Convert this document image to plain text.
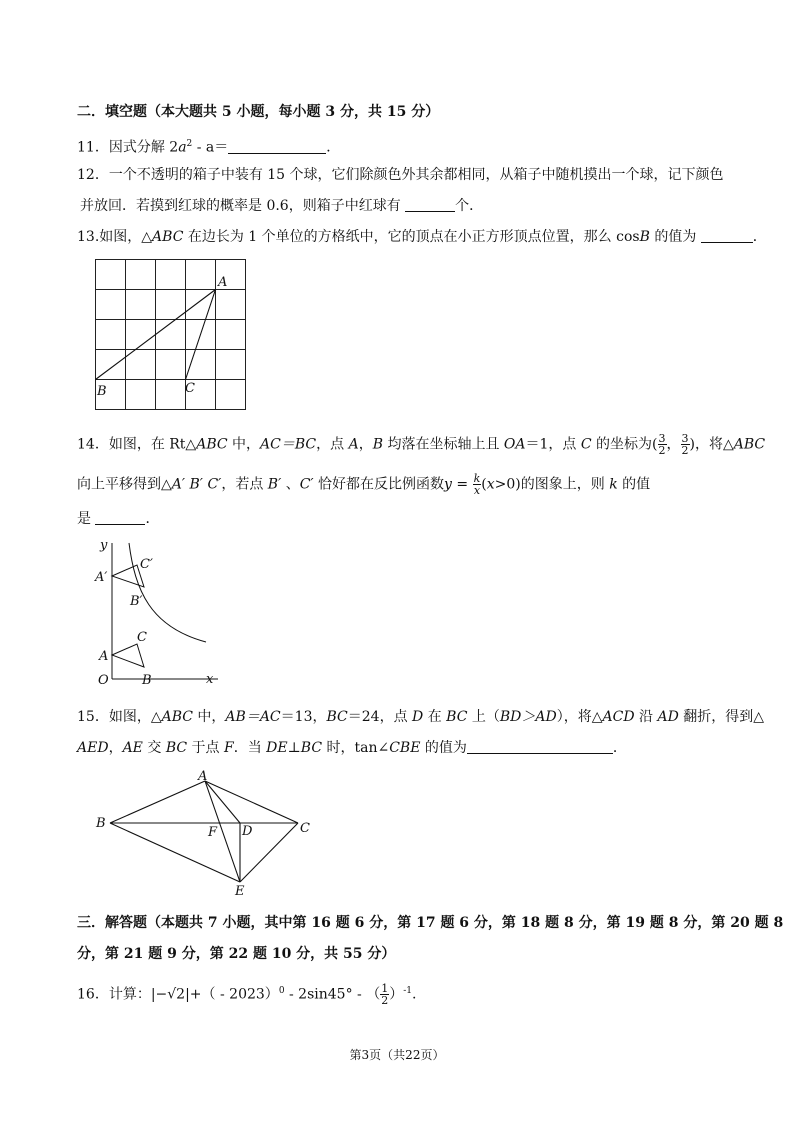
二．填空题（本大题共 5 小题，每小题 3 分，共 15 分）
11．因式分解 $2a^2 - a=$	．
12．一个不透明的箱子中装有 15 个球，它们除颜色外其余都相同，从箱子中随机摸出一个球，记下颜色
并放回．若摸到红球的概率是 0.6，则箱子中红球有	个．
13.如图，△ABC 在边长为 1 个单位的方格纸中，它的顶点在小正方形顶点位置，那么 cosB 的值为	．
A
B	C
14．如图，在 Rt△ABC 中，AC＝BC，点 A，B 均落在坐标轴上且 OA＝1，点 C 的坐标为( $\frac{3}{2}$ ， $\frac{3}{2}$ )，将△ABC
向上平移得到△A′ B′ C′，若点 B′ 、C′ 恰好都在反比例函数$y = \frac{k}{x} (x>0)$的图象上，则 k 的值
是	．
y
x
O
A
B
C
A′
B′
C′
15．如图，△ABC 中，AB＝AC＝13，BC＝24，点 D 在 BC 上（BD＞AD），将△ACD 沿 AD 翻折，得到△
AED，AE 交 BC 于点 F．当 DE⊥BC 时，tan∠CBE 的值为	．
A
B	C
D
E
F
三．解答题（本题共 7 小题，其中第 16 题 6 分，第 17 题 6 分，第 18 题 8 分，第 19 题 8 分，第 20 题 8
分，第 21 题 9 分，第 22 题 10 分，共 55 分）
16．计算：|−√2|+（ - 2023）$^0$ - 2sin45° - （ $\frac{1}{2} )^{-1}$.
第3页（共22页）
